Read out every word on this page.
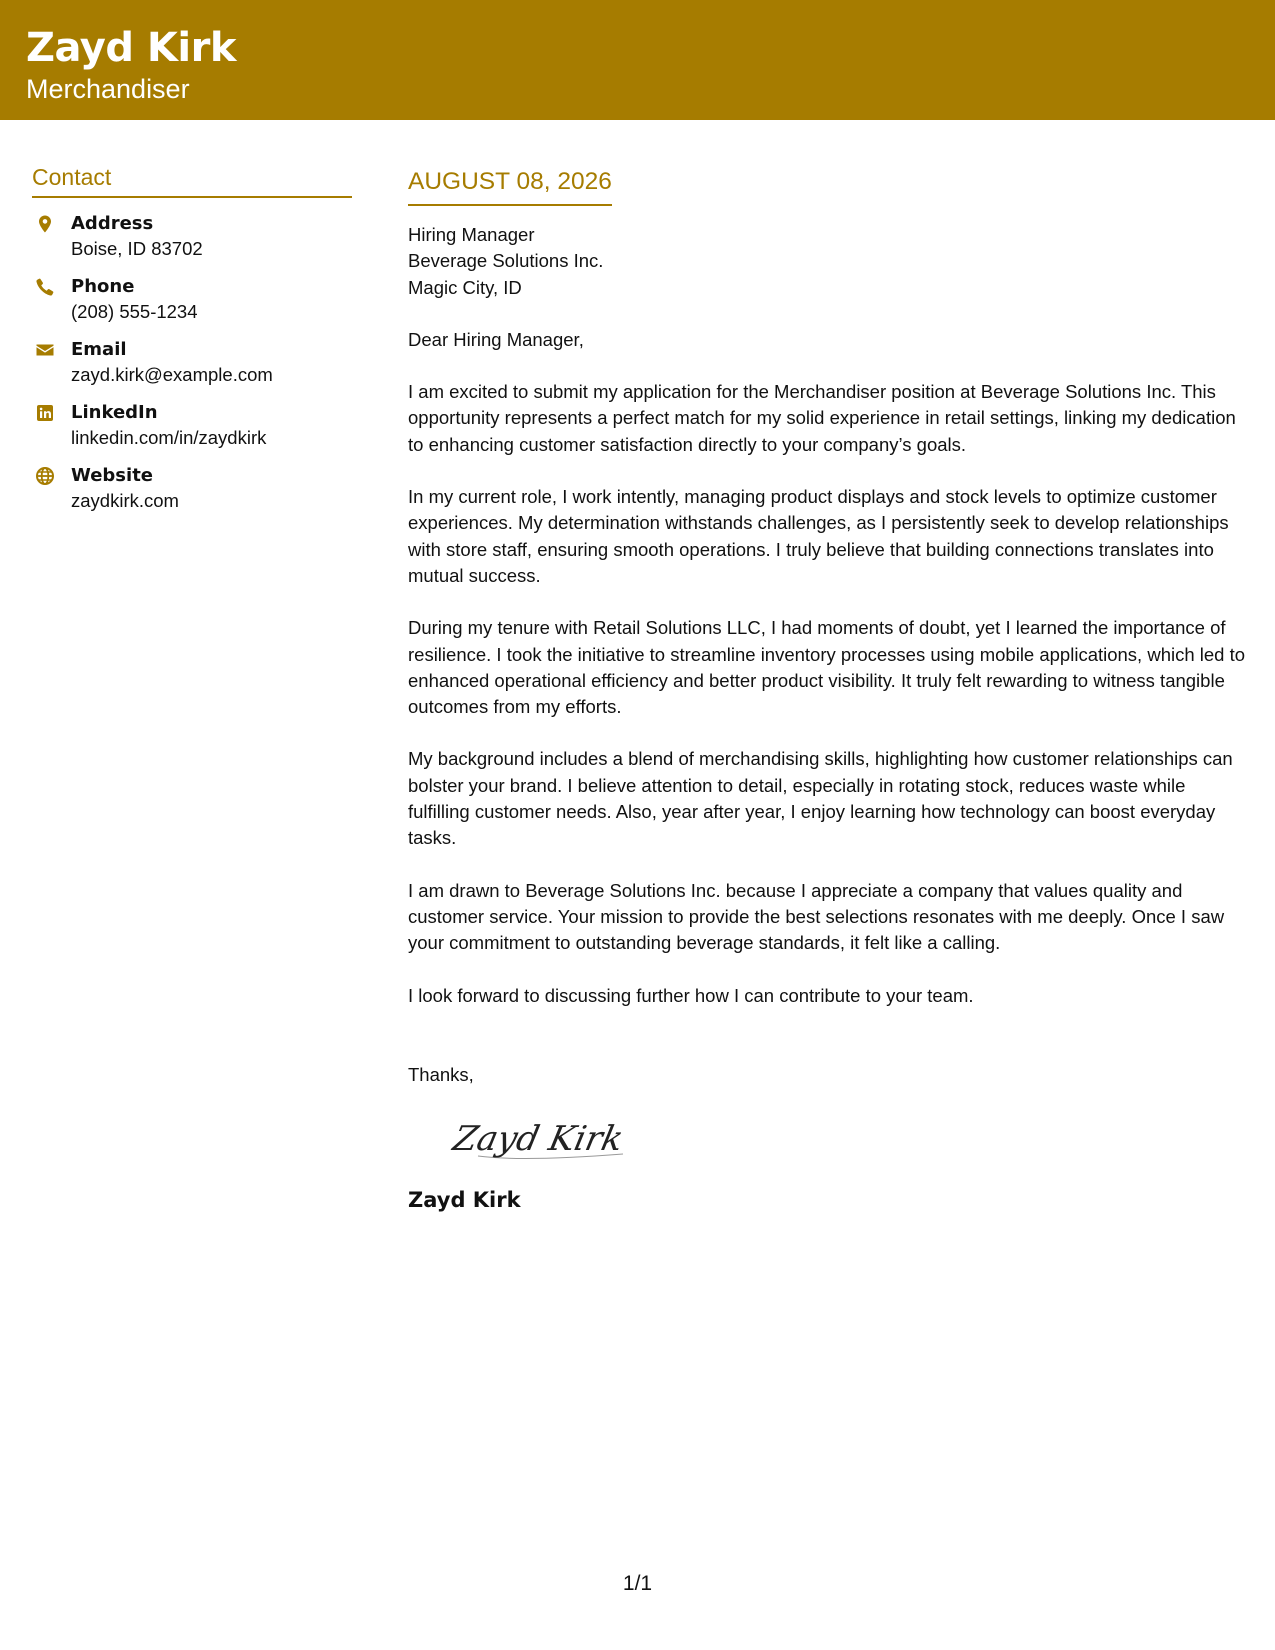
Zayd Kirk
Merchandiser
Contact
Address
Boise, ID 83702
Phone
(208) 555-1234
Email
zayd.kirk@example.com
LinkedIn
linkedin.com/in/zaydkirk
Website
zaydkirk.com
AUGUST 08, 2026
Hiring Manager
Beverage Solutions Inc.
Magic City, ID
Dear Hiring Manager,
I am excited to submit my application for the Merchandiser position at Beverage Solutions Inc. This opportunity represents a perfect match for my solid experience in retail settings, linking my dedication to enhancing customer satisfaction directly to your company’s goals.
In my current role, I work intently, managing product displays and stock levels to optimize customer experiences. My determination withstands challenges, as I persistently seek to develop relationships with store staff, ensuring smooth operations. I truly believe that building connections translates into mutual success.
During my tenure with Retail Solutions LLC, I had moments of doubt, yet I learned the importance of resilience. I took the initiative to streamline inventory processes using mobile applications, which led to enhanced operational efficiency and better product visibility. It truly felt rewarding to witness tangible outcomes from my efforts.
My background includes a blend of merchandising skills, highlighting how customer relationships can bolster your brand. I believe attention to detail, especially in rotating stock, reduces waste while fulfilling customer needs. Also, year after year, I enjoy learning how technology can boost everyday tasks.
I am drawn to Beverage Solutions Inc. because I appreciate a company that values quality and customer service. Your mission to provide the best selections resonates with me deeply. Once I saw your commitment to outstanding beverage standards, it felt like a calling.
I look forward to discussing further how I can contribute to your team.
Thanks,
Zayd Kirk
Zayd Kirk
1/1
